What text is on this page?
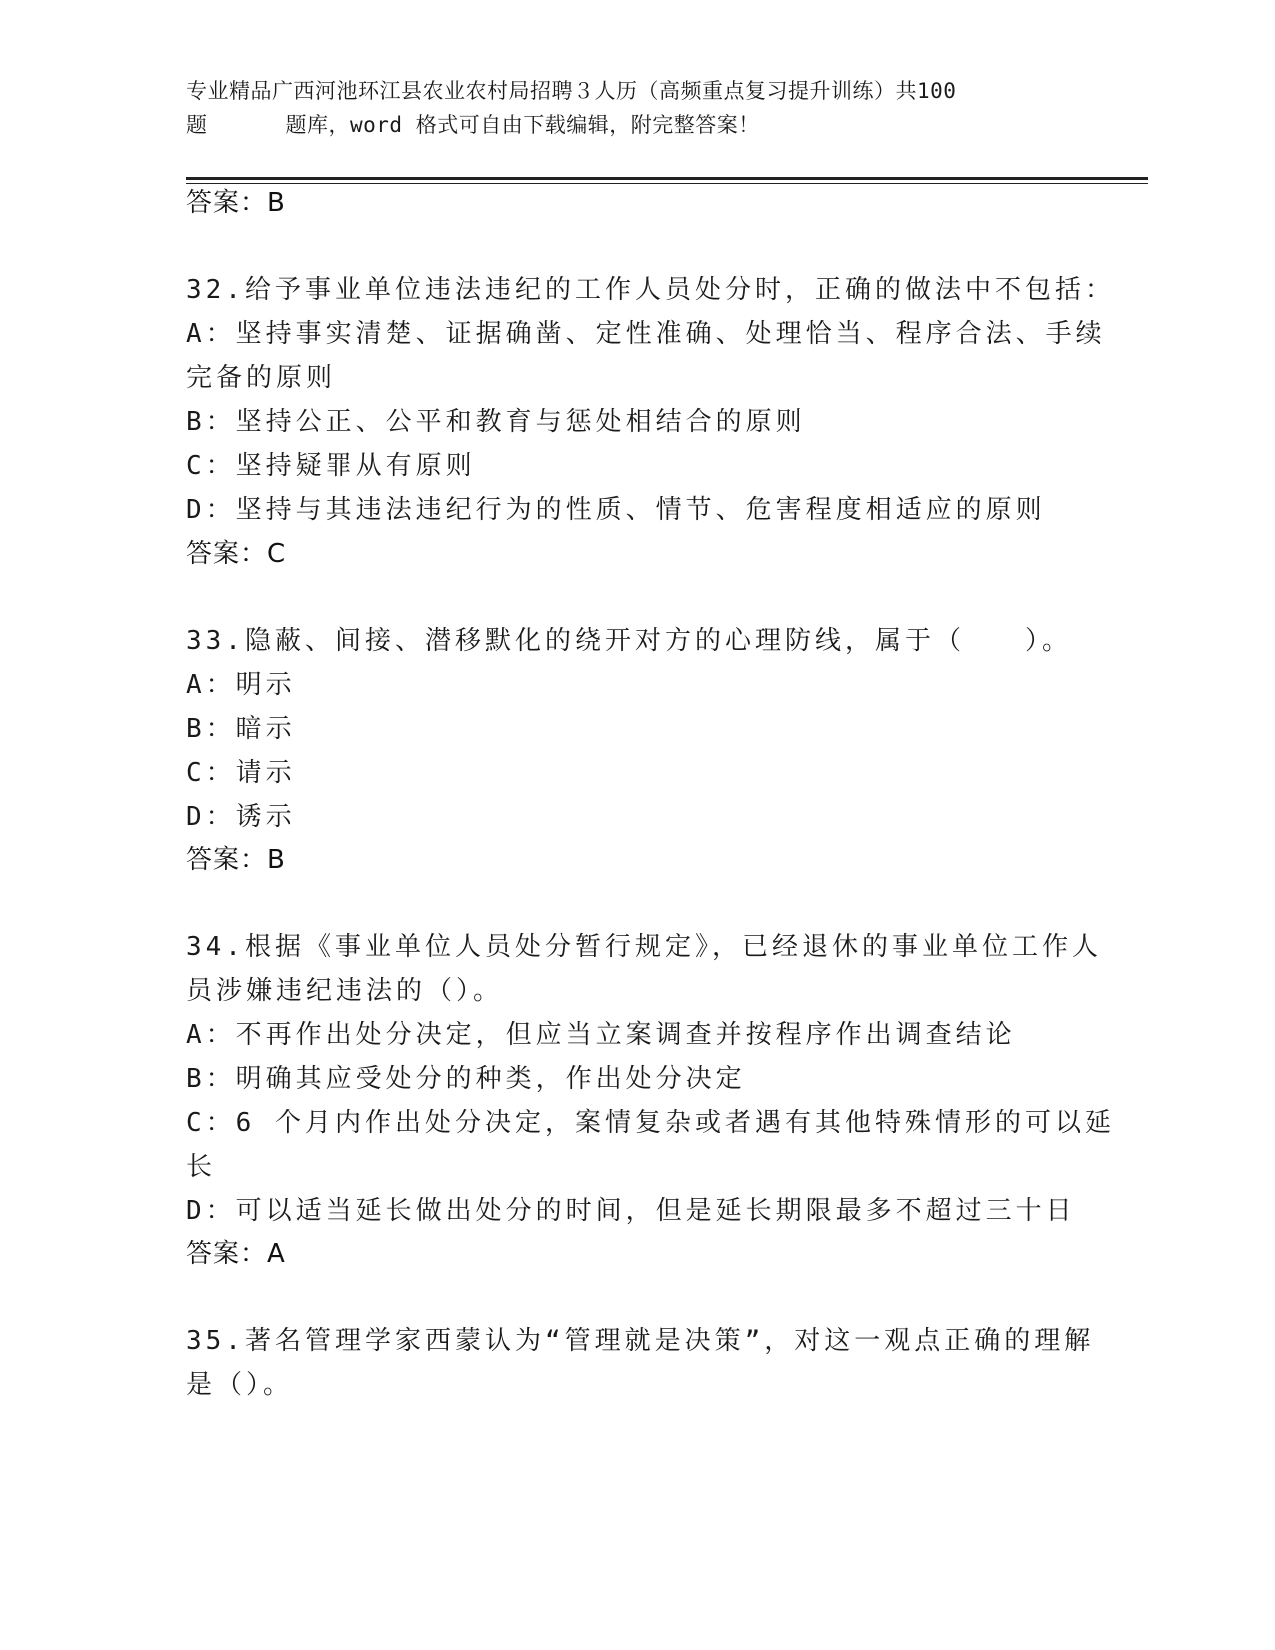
专业精品广西河池环江县农业农村局招聘３人历（高频重点复习提升训练）共100
题	题库，word 格式可自由下载编辑，附完整答案！
答案：B
32.给予事业单位违法违纪的工作人员处分时，正确的做法中不包括：
A：坚持事实清楚、证据确凿、定性准确、处理恰当、程序合法、手续
完备的原则
B：坚持公正、公平和教育与惩处相结合的原则
C：坚持疑罪从有原则
D：坚持与其违法违纪行为的性质、情节、危害程度相适应的原则
答案：C
33.隐蔽、间接、潜移默化的绕开对方的心理防线，属于（　　）。
A：明示
B：暗示
C：请示
D：诱示
答案：B
34.根据《事业单位人员处分暂行规定》，已经退休的事业单位工作人
员涉嫌违纪违法的（）。
A：不再作出处分决定，但应当立案调查并按程序作出调查结论
B：明确其应受处分的种类，作出处分决定
C：6 个月内作出处分决定，案情复杂或者遇有其他特殊情形的可以延
长
D：可以适当延长做出处分的时间，但是延长期限最多不超过三十日
答案：A
35.著名管理学家西蒙认为“管理就是决策”，对这一观点正确的理解
是（）。
